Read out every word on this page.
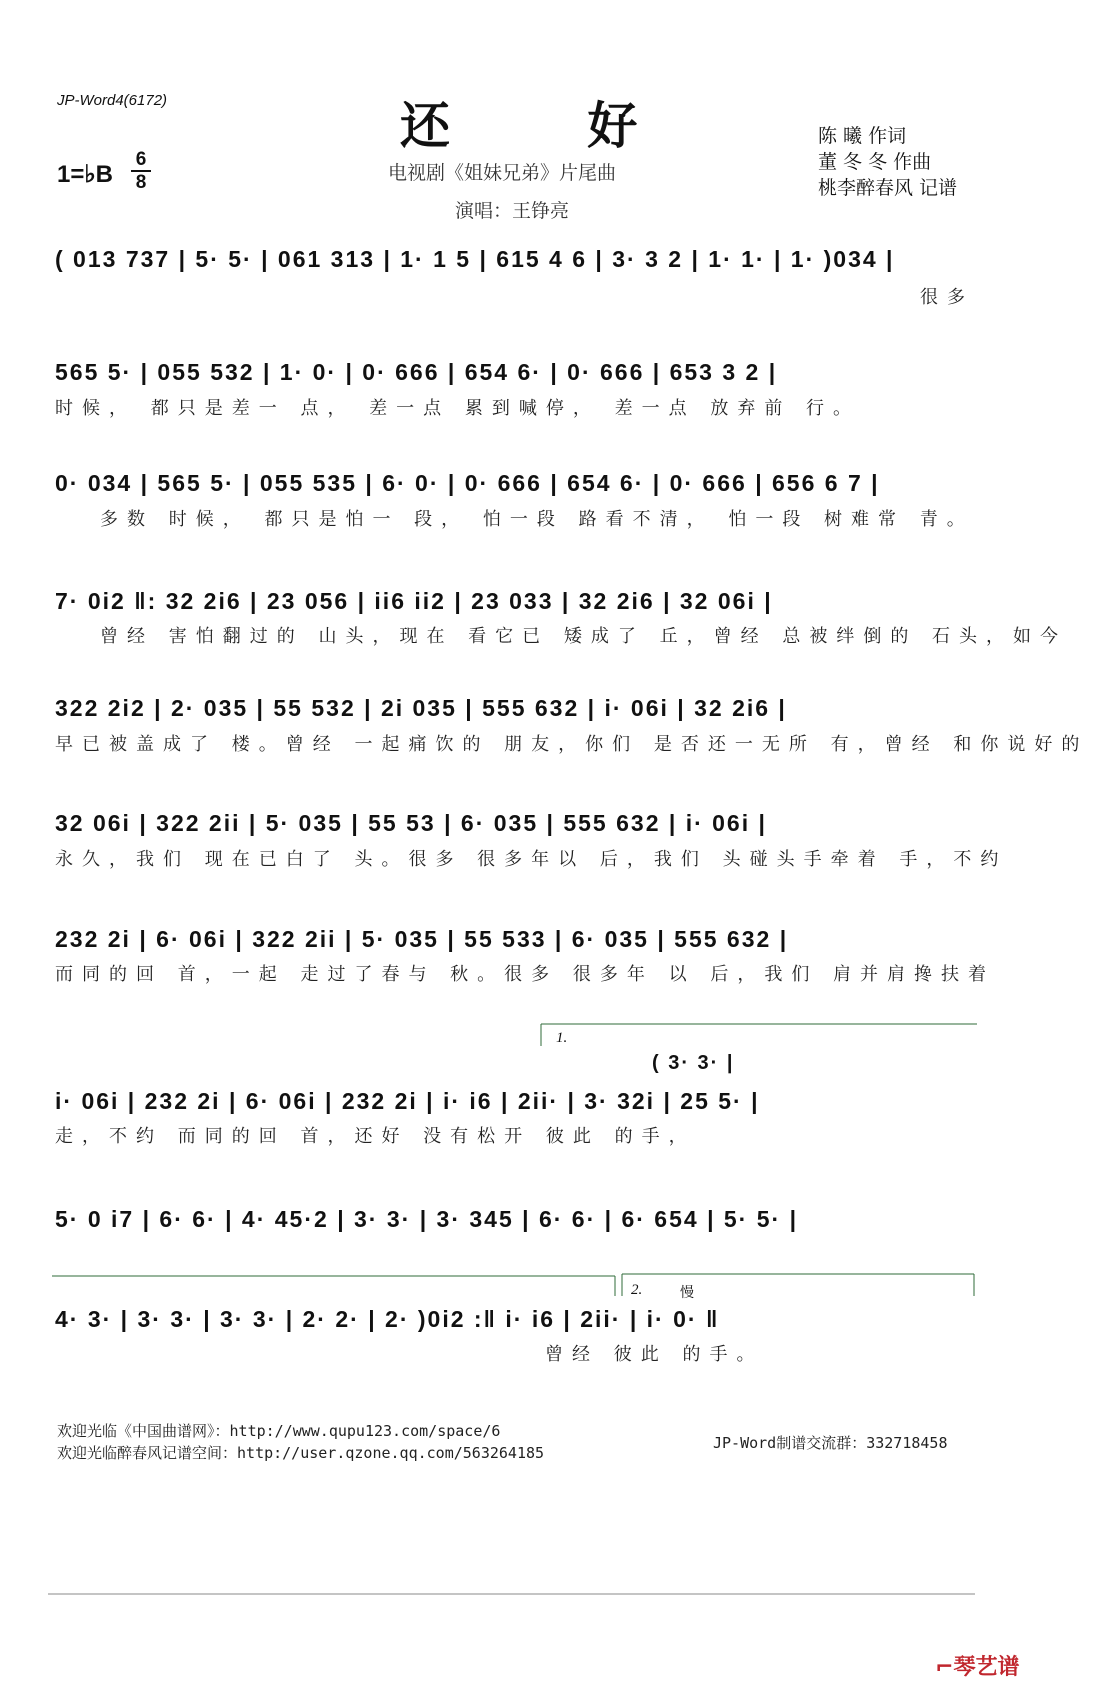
JP-Word4(6172)	还 好
1=♭B
6
8	电视剧《姐妹兄弟》片尾曲
演唱：王铮亮
陈 曦 作词
董 冬 冬 作曲
桃李醉春风 记谱
( 013 737 | 5· 5· | 061 313 | 1· 1 5 | 615 4 6 | 3· 3 2 | 1· 1· | 1· )034 |
很多
565 5· | 055 532 | 1· 0· | 0· 666 | 654 6· | 0· 666 | 653 3 2 |
时候， 都只是差一 点， 差一点 累到喊停， 差一点 放弃前 行。
0· 034 | 565 5· | 055 535 | 6· 0· | 0· 666 | 654 6· | 0· 666 | 656 6 7 |
多数 时候， 都只是怕一 段， 怕一段 路看不清， 怕一段 树难常 青。
7· 0i2 ‖: 32 2i6 | 23 056 | ii6 ii2 | 23 033 | 32 2i6 | 32 06i |
曾经 害怕翻过的 山头，现在 看它已 矮成了 丘，曾经 总被绊倒的 石头，如今
322 2i2 | 2· 035 | 55 532 | 2i 035 | 555 632 | i· 06i | 32 2i6 |
早已被盖成了 楼。曾经 一起痛饮的 朋友，你们 是否还一无所 有，曾经 和你说好的
32 06i | 322 2ii | 5· 035 | 55 53 | 6· 035 | 555 632 | i· 06i |
永久，我们 现在已白了 头。很多 很多年以 后，我们 头碰头手牵着 手，不约
232 2i | 6· 06i | 322 2ii | 5· 035 | 55 533 | 6· 035 | 555 632 |
而同的回 首，一起 走过了春与 秋。很多 很多年 以 后，我们 肩并肩搀扶着
1.
( 3· 3· |
i· 06i | 232 2i | 6· 06i | 232 2i | i· i6 | 2ii· | 3· 32i | 25 5· |
走，不约 而同的回 首，还好 没有松开 彼此 的手，
5· 0 i7 | 6· 6· | 4· 45·2 | 3· 3· | 3· 345 | 6· 6· | 6· 654 | 5· 5· |
2.	慢
4· 3· | 3· 3· | 3· 3· | 2· 2· | 2· )0i2 :‖ i· i6 | 2ii· | i· 0· ‖
曾经 彼此 的手。
欢迎光临《中国曲谱网》：http://www.qupu123.com/space/6
欢迎光临醉春风记谱空间：http://user.qzone.qq.com/563264185
JP-Word制谱交流群：332718458
⌐琴艺谱
